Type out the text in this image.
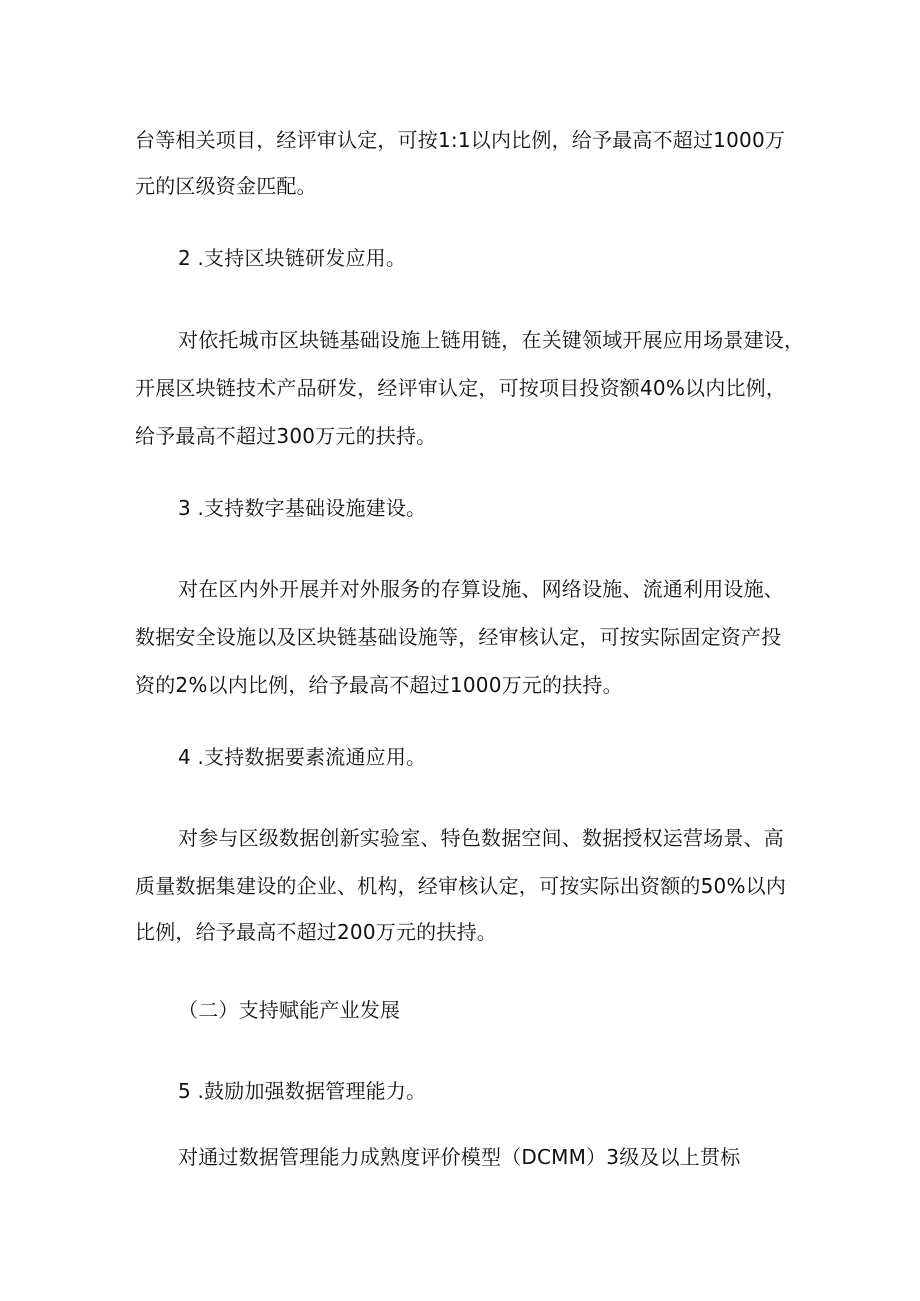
台等相关项目，经评审认定，可按1:1以内比例，给予最高不超过1000万
元的区级资金匹配。
2 .支持区块链研发应用。
对依托城市区块链基础设施上链用链，在关键领域开展应用场景建设，
开展区块链技术产品研发，经评审认定，可按项目投资额40%以内比例，
给予最高不超过300万元的扶持。
3 .支持数字基础设施建设。
对在区内外开展并对外服务的存算设施、网络设施、流通利用设施、
数据安全设施以及区块链基础设施等，经审核认定，可按实际固定资产投
资的2%以内比例，给予最高不超过1000万元的扶持。
4 .支持数据要素流通应用。
对参与区级数据创新实验室、特色数据空间、数据授权运营场景、高
质量数据集建设的企业、机构，经审核认定，可按实际出资额的50%以内
比例，给予最高不超过200万元的扶持。
（二）支持赋能产业发展
5 .鼓励加强数据管理能力。
对通过数据管理能力成熟度评价模型（DCMM）3级及以上贯标
